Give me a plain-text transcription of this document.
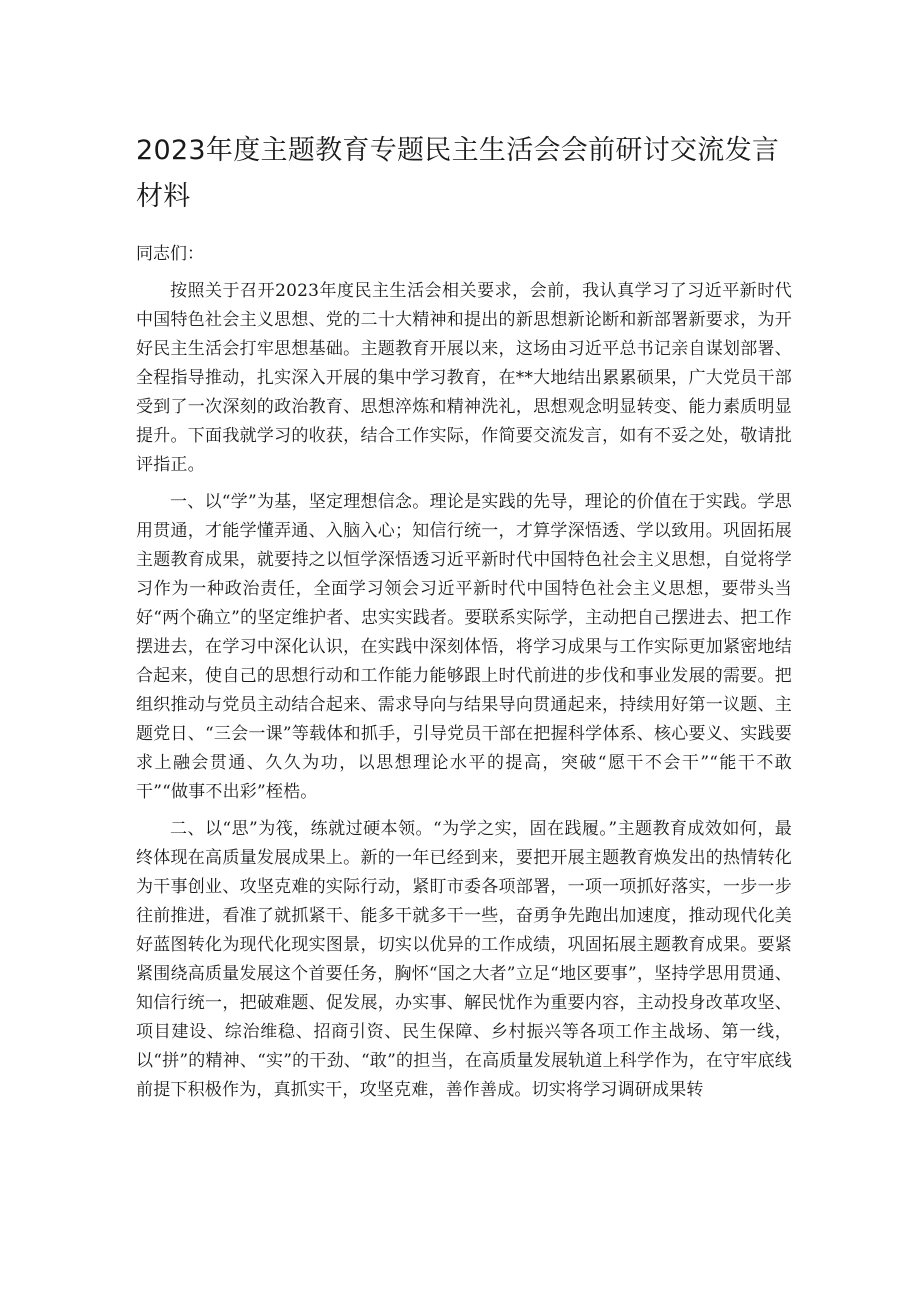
2023年度主题教育专题民主生活会会前研讨交流发言材料

同志们：

按照关于召开2023年度民主生活会相关要求，会前，我认真学习了习近平新时代中国特色社会主义思想、党的二十大精神和提出的新思想新论断和新部署新要求，为开好民主生活会打牢思想基础。主题教育开展以来，这场由习近平总书记亲自谋划部署、全程指导推动，扎实深入开展的集中学习教育，在**大地结出累累硕果，广大党员干部受到了一次深刻的政治教育、思想淬炼和精神洗礼，思想观念明显转变、能力素质明显提升。下面我就学习的收获，结合工作实际，作简要交流发言，如有不妥之处，敬请批评指正。

一、以“学”为基，坚定理想信念。理论是实践的先导，理论的价值在于实践。学思用贯通，才能学懂弄通、入脑入心；知信行统一，才算学深悟透、学以致用。巩固拓展主题教育成果，就要持之以恒学深悟透习近平新时代中国特色社会主义思想，自觉将学习作为一种政治责任，全面学习领会习近平新时代中国特色社会主义思想，要带头当好“两个确立”的坚定维护者、忠实实践者。要联系实际学，主动把自己摆进去、把工作摆进去，在学习中深化认识，在实践中深刻体悟，将学习成果与工作实际更加紧密地结合起来，使自己的思想行动和工作能力能够跟上时代前进的步伐和事业发展的需要。把组织推动与党员主动结合起来、需求导向与结果导向贯通起来，持续用好第一议题、主题党日、“三会一课”等载体和抓手，引导党员干部在把握科学体系、核心要义、实践要求上融会贯通、久久为功，以思想理论水平的提高，突破“愿干不会干”“能干不敢干”“做事不出彩”桎梏。

二、以“思”为筏，练就过硬本领。“为学之实，固在践履。”主题教育成效如何，最终体现在高质量发展成果上。新的一年已经到来，要把开展主题教育焕发出的热情转化为干事创业、攻坚克难的实际行动，紧盯市委各项部署，一项一项抓好落实，一步一步往前推进，看准了就抓紧干、能多干就多干一些，奋勇争先跑出加速度，推动现代化美好蓝图转化为现代化现实图景，切实以优异的工作成绩，巩固拓展主题教育成果。要紧紧围绕高质量发展这个首要任务，胸怀“国之大者”立足“地区要事”，坚持学思用贯通、知信行统一，把破难题、促发展，办实事、解民忧作为重要内容，主动投身改革攻坚、项目建设、综治维稳、招商引资、民生保障、乡村振兴等各项工作主战场、第一线，以“拼”的精神、“实”的干劲、“敢”的担当，在高质量发展轨道上科学作为，在守牢底线前提下积极作为，真抓实干，攻坚克难，善作善成。切实将学习调研成果转
